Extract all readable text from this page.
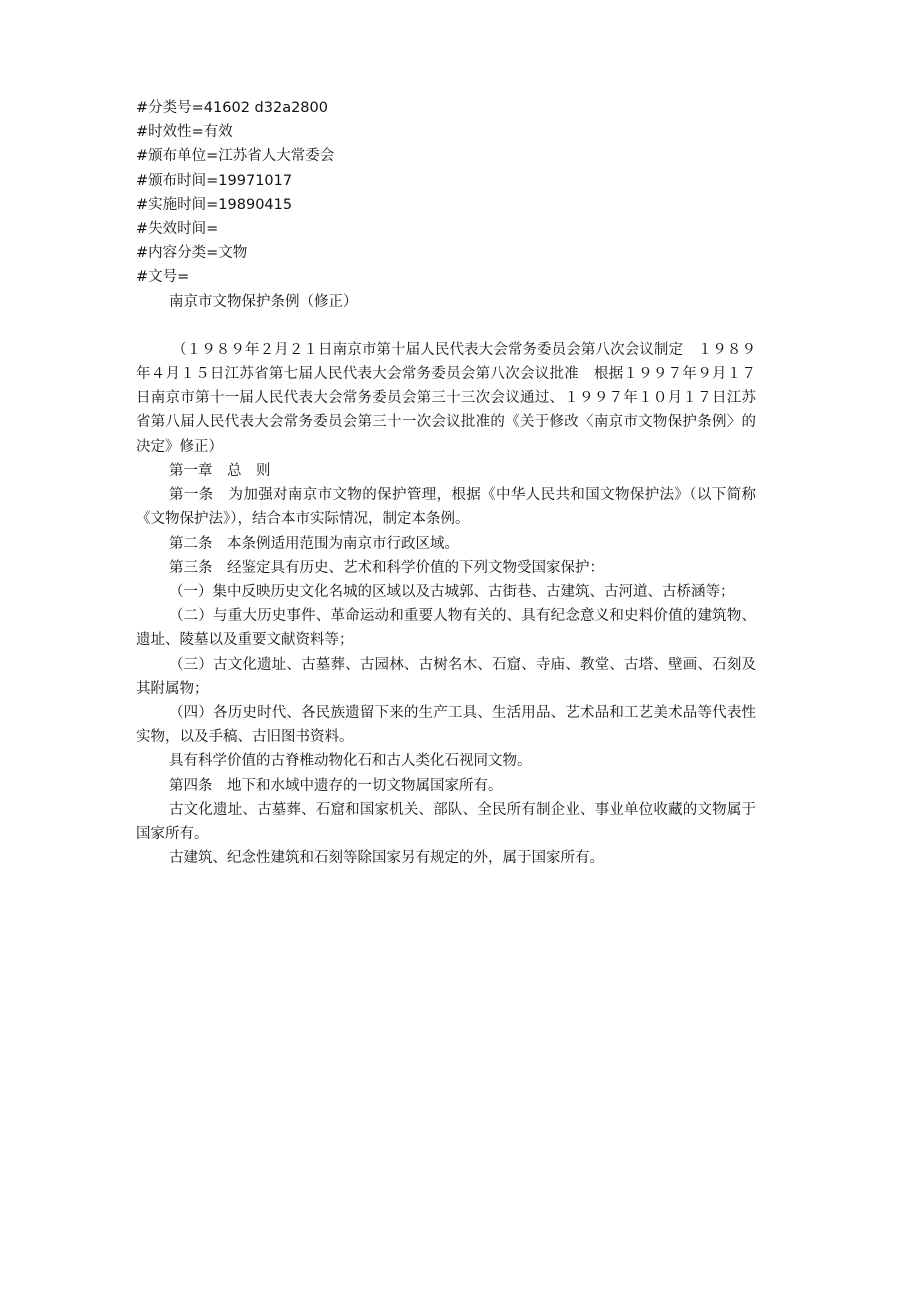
#分类号=41602 d32a2800
#时效性=有效
#颁布单位=江苏省人大常委会
#颁布时间=19971017
#实施时间=19890415
#失效时间=
#内容分类=文物
#文号=
南京市文物保护条例（修正）

（１９８９年２月２１日南京市第十届人民代表大会常务委员会第八次会议制定　１９８９年４月１５日江苏省第七届人民代表大会常务委员会第八次会议批准　根据１９９７年９月１７日南京市第十一届人民代表大会常务委员会第三十三次会议通过、１９９７年１０月１７日江苏省第八届人民代表大会常务委员会第三十一次会议批准的《关于修改〈南京市文物保护条例〉的决定》修正）

第一章　总　则

第一条　为加强对南京市文物的保护管理，根据《中华人民共和国文物保护法》（以下简称《文物保护法》），结合本市实际情况，制定本条例。

第二条　本条例适用范围为南京市行政区域。

第三条　经鉴定具有历史、艺术和科学价值的下列文物受国家保护：

（一）集中反映历史文化名城的区域以及古城郭、古街巷、古建筑、古河道、古桥涵等；

（二）与重大历史事件、革命运动和重要人物有关的、具有纪念意义和史料价值的建筑物、遗址、陵墓以及重要文献资料等；

（三）古文化遗址、古墓葬、古园林、古树名木、石窟、寺庙、教堂、古塔、壁画、石刻及其附属物；

（四）各历史时代、各民族遗留下来的生产工具、生活用品、艺术品和工艺美术品等代表性实物，以及手稿、古旧图书资料。

具有科学价值的古脊椎动物化石和古人类化石视同文物。

第四条　地下和水域中遗存的一切文物属国家所有。

古文化遗址、古墓葬、石窟和国家机关、部队、全民所有制企业、事业单位收藏的文物属于国家所有。

古建筑、纪念性建筑和石刻等除国家另有规定的外，属于国家所有。
